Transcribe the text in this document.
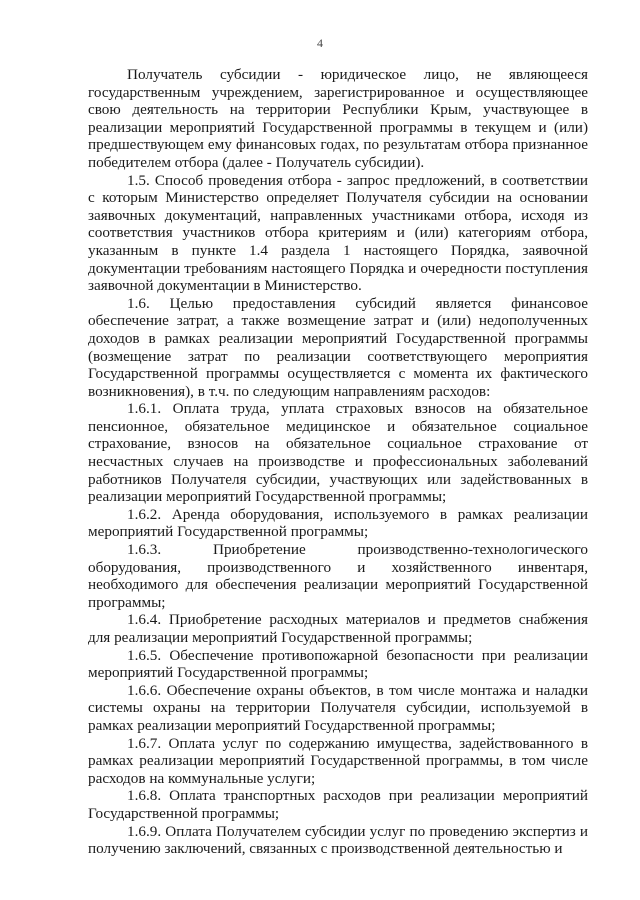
4

Получатель субсидии - юридическое лицо, не являющееся государственным учреждением, зарегистрированное и осуществляющее свою деятельность на территории Республики Крым, участвующее в реализации мероприятий Государственной программы в текущем и (или) предшествующем ему финансовых годах, по результатам отбора признанное победителем отбора (далее - Получатель субсидии).

1.5. Способ проведения отбора - запрос предложений, в соответствии с которым Министерство определяет Получателя субсидии на основании заявочных документаций, направленных участниками отбора, исходя из соответствия участников отбора критериям и (или) категориям отбора, указанным в пункте 1.4 раздела 1 настоящего Порядка, заявочной документации требованиям настоящего Порядка и очередности поступления заявочной документации в Министерство.

1.6. Целью предоставления субсидий является финансовое обеспечение затрат, а также возмещение затрат и (или) недополученных доходов в рамках реализации мероприятий Государственной программы (возмещение затрат по реализации соответствующего мероприятия Государственной программы осуществляется с момента их фактического возникновения), в т.ч. по следующим направлениям расходов:

1.6.1. Оплата труда, уплата страховых взносов на обязательное пенсионное, обязательное медицинское и обязательное социальное страхование, взносов на обязательное социальное страхование от несчастных случаев на производстве и профессиональных заболеваний работников Получателя субсидии, участвующих или задействованных в реализации мероприятий Государственной программы;

1.6.2. Аренда оборудования, используемого в рамках реализации мероприятий Государственной программы;

1.6.3. Приобретение производственно-технологического оборудования, производственного и хозяйственного инвентаря, необходимого для обеспечения реализации мероприятий Государственной программы;

1.6.4. Приобретение расходных материалов и предметов снабжения для реализации мероприятий Государственной программы;

1.6.5. Обеспечение противопожарной безопасности при реализации мероприятий Государственной программы;

1.6.6. Обеспечение охраны объектов, в том числе монтажа и наладки системы охраны на территории Получателя субсидии, используемой в рамках реализации мероприятий Государственной программы;

1.6.7. Оплата услуг по содержанию имущества, задействованного в рамках реализации мероприятий Государственной программы, в том числе расходов на коммунальные услуги;

1.6.8. Оплата транспортных расходов при реализации мероприятий Государственной программы;

1.6.9. Оплата Получателем субсидии услуг по проведению экспертиз и получению заключений, связанных с производственной деятельностью и
